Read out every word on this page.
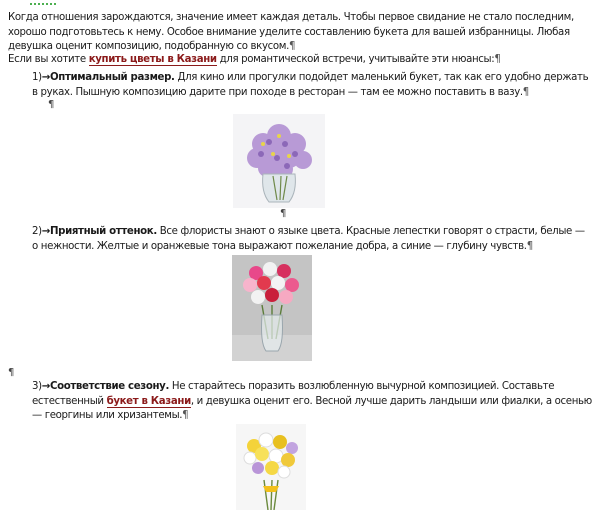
Когда отношения зарождаются, значение имеет каждая деталь. Чтобы первое свидание не стало последним, хорошо подготовьтесь к нему. Особое внимание уделите составлению букета для вашей избранницы. Любая девушка оценит композицию, подобранную со вкусом.¶

Если вы хотите купить цветы в Казани для романтической встречи, учитывайте эти нюансы:¶

1)→Оптимальный размер. Для кино или прогулки подойдет маленький букет, так как его удобно держать в руках. Пышную композицию дарите при походе в ресторан — там ее можно поставить в вазу.¶

¶
¶

2)→Приятный оттенок. Все флористы знают о языке цвета. Красные лепестки говорят о страсти, белые — о нежности. Желтые и оранжевые тона выражают пожелание добра, а синие — глубину чувств.¶

¶

3)→Соответствие сезону. Не старайтесь поразить возлюбленную вычурной композицией. Составьте естественный букет в Казани, и девушка оценит его. Весной лучше дарить ландыши или фиалки, а осенью — георгины или хризантемы.¶
